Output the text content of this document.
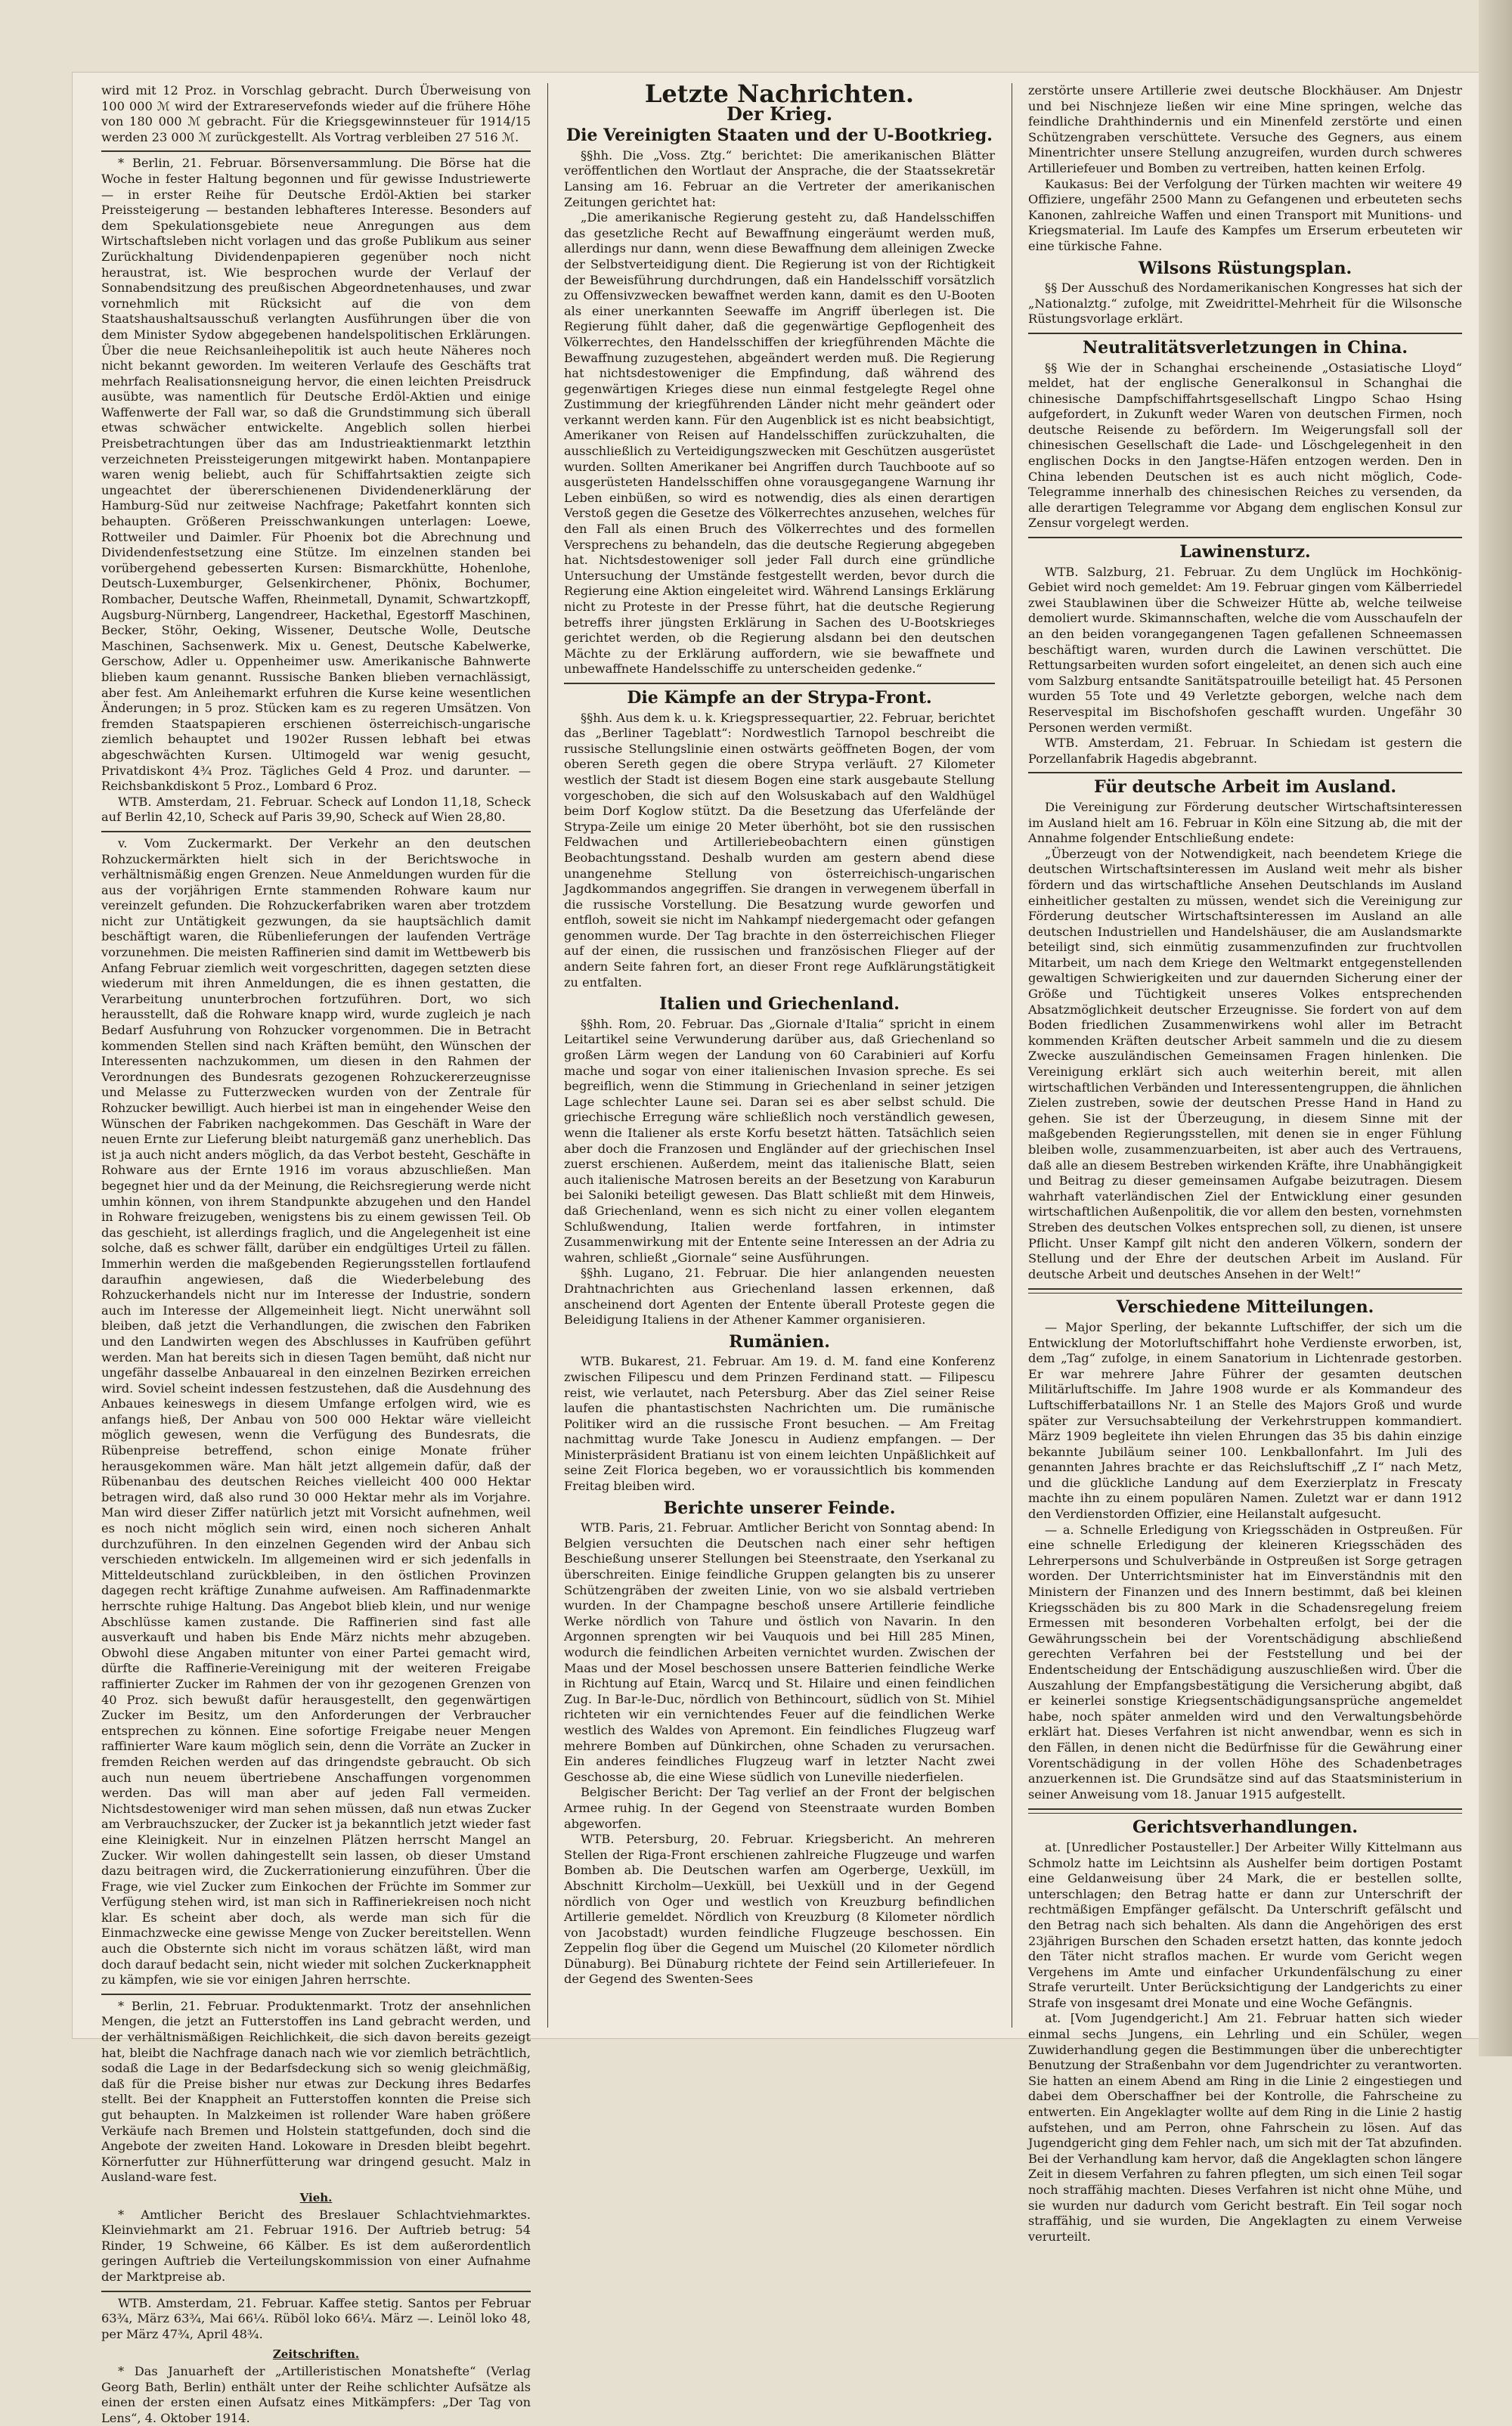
wird mit 12 Proz. in Vorschlag gebracht. Durch Überweisung von 100 000 ℳ wird der Extrareservefonds wieder auf die frühere Höhe von 180 000 ℳ gebracht. Für die Kriegsgewinnsteuer für 1914/15 werden 23 000 ℳ zurückgestellt. Als Vortrag verbleiben 27 516 ℳ.

* Berlin, 21. Februar. Börsenversammlung. Die Börse hat die Woche in fester Haltung begonnen und für gewisse Industriewerte — in erster Reihe für Deutsche Erdöl-Aktien bei starker Preissteigerung — bestanden lebhafteres Interesse. Besonders auf dem Spekulationsgebiete neue Anregungen aus dem Wirtschaftsleben nicht vorlagen und das große Publikum aus seiner Zurückhaltung Dividendenpapieren gegenüber noch nicht heraustrat, ist. Wie besprochen wurde der Verlauf der Sonnabendsitzung des preußischen Abgeordnetenhauses, und zwar vornehmlich mit Rücksicht auf die von dem Staatshaushaltsausschuß verlangten Ausführungen über die von dem Minister Sydow abgegebenen handelspolitischen Erklärungen. Über die neue Reichsanleihepolitik ist auch heute Näheres noch nicht bekannt geworden. Im weiteren Verlaufe des Geschäfts trat mehrfach Realisationsneigung hervor, die einen leichten Preisdruck ausübte, was namentlich für Deutsche Erdöl-Aktien und einige Waffenwerte der Fall war, so daß die Grundstimmung sich überall etwas schwächer entwickelte. Angeblich sollen hierbei Preisbetrachtungen über das am Industrieaktienmarkt letzthin verzeichneten Preissteigerungen mitgewirkt haben. Montanpapiere waren wenig beliebt, auch für Schiffahrtsaktien zeigte sich ungeachtet der übererschienenen Dividendenerklärung der Hamburg-Süd nur zeitweise Nachfrage; Paketfahrt konnten sich behaupten. Größeren Preisschwankungen unterlagen: Loewe, Rottweiler und Daimler. Für Phoenix bot die Abrechnung und Dividendenfestsetzung eine Stütze. Im einzelnen standen bei vorübergehend gebesserten Kursen: Bismarckhütte, Hohenlohe, Deutsch-Luxemburger, Gelsenkirchener, Phönix, Bochumer, Rombacher, Deutsche Waffen, Rheinmetall, Dynamit, Schwartzkopff, Augsburg-Nürnberg, Langendreer, Hackethal, Egestorff Maschinen, Becker, Stöhr, Oeking, Wissener, Deutsche Wolle, Deutsche Maschinen, Sachsenwerk. Mix u. Genest, Deutsche Kabelwerke, Gerschow, Adler u. Oppenheimer usw. Amerikanische Bahnwerte blieben kaum genannt. Russische Banken blieben vernachlässigt, aber fest. Am Anleihemarkt erfuhren die Kurse keine wesentlichen Änderungen; in 5 proz. Stücken kam es zu regeren Umsätzen. Von fremden Staatspapieren erschienen österreichisch-ungarische ziemlich behauptet und 1902er Russen lebhaft bei etwas abgeschwächten Kursen. Ultimogeld war wenig gesucht, Privatdiskont 4¾ Proz. Tägliches Geld 4 Proz. und darunter. — Reichsbankdiskont 5 Proz., Lombard 6 Proz.

WTB. Amsterdam, 21. Februar. Scheck auf London 11,18, Scheck auf Berlin 42,10, Scheck auf Paris 39,90, Scheck auf Wien 28,80.

v. Vom Zuckermarkt. Der Verkehr an den deutschen Rohzuckermärkten hielt sich in der Berichtswoche in verhältnismäßig engen Grenzen. Neue Anmeldungen wurden für die aus der vorjährigen Ernte stammenden Rohware kaum nur vereinzelt gefunden. Die Rohzuckerfabriken waren aber trotzdem nicht zur Untätigkeit gezwungen, da sie hauptsächlich damit beschäftigt waren, die Rübenlieferungen der laufenden Verträge vorzunehmen. Die meisten Raffinerien sind damit im Wettbewerb bis Anfang Februar ziemlich weit vorgeschritten, dagegen setzten diese wiederum mit ihren Anmeldungen, die es ihnen gestatten, die Verarbeitung ununterbrochen fortzuführen. Dort, wo sich herausstellt, daß die Rohware knapp wird, wurde zugleich je nach Bedarf Ausfuhrung von Rohzucker vorgenommen. Die in Betracht kommenden Stellen sind nach Kräften bemüht, den Wünschen der Interessenten nachzukommen, um diesen in den Rahmen der Verordnungen des Bundesrats gezogenen Rohzuckererzeugnisse und Melasse zu Futterzwecken wurden von der Zentrale für Rohzucker bewilligt. Auch hierbei ist man in eingehender Weise den Wünschen der Fabriken nachgekommen. Das Geschäft in Ware der neuen Ernte zur Lieferung bleibt naturgemäß ganz unerheblich. Das ist ja auch nicht anders möglich, da das Verbot besteht, Geschäfte in Rohware aus der Ernte 1916 im voraus abzuschließen. Man begegnet hier und da der Meinung, die Reichsregierung werde nicht umhin können, von ihrem Standpunkte abzugehen und den Handel in Rohware freizugeben, wenigstens bis zu einem gewissen Teil. Ob das geschieht, ist allerdings fraglich, und die Angelegenheit ist eine solche, daß es schwer fällt, darüber ein endgültiges Urteil zu fällen. Immerhin werden die maßgebenden Regierungsstellen fortlaufend daraufhin angewiesen, daß die Wiederbelebung des Rohzuckerhandels nicht nur im Interesse der Industrie, sondern auch im Interesse der Allgemeinheit liegt. Nicht unerwähnt soll bleiben, daß jetzt die Verhandlungen, die zwischen den Fabriken und den Landwirten wegen des Abschlusses in Kaufrüben geführt werden. Man hat bereits sich in diesen Tagen bemüht, daß nicht nur ungefähr dasselbe Anbauareal in den einzelnen Bezirken erreichen wird. Soviel scheint indessen festzustehen, daß die Ausdehnung des Anbaues keineswegs in diesem Umfange erfolgen wird, wie es anfangs hieß, Der Anbau von 500 000 Hektar wäre vielleicht möglich gewesen, wenn die Verfügung des Bundesrats, die Rübenpreise betreffend, schon einige Monate früher herausgekommen wäre. Man hält jetzt allgemein dafür, daß der Rübenanbau des deutschen Reiches vielleicht 400 000 Hektar betragen wird, daß also rund 30 000 Hektar mehr als im Vorjahre. Man wird dieser Ziffer natürlich jetzt mit Vorsicht aufnehmen, weil es noch nicht möglich sein wird, einen noch sicheren Anhalt durchzuführen. In den einzelnen Gegenden wird der Anbau sich verschieden entwickeln. Im allgemeinen wird er sich jedenfalls in Mitteldeutschland zurückbleiben, in den östlichen Provinzen dagegen recht kräftige Zunahme aufweisen. Am Raffinadenmarkte herrschte ruhige Haltung. Das Angebot blieb klein, und nur wenige Abschlüsse kamen zustande. Die Raffinerien sind fast alle ausverkauft und haben bis Ende März nichts mehr abzugeben. Obwohl diese Angaben mitunter von einer Partei gemacht wird, dürfte die Raffinerie-Vereinigung mit der weiteren Freigabe raffinierter Zucker im Rahmen der von ihr gezogenen Grenzen von 40 Proz. sich bewußt dafür herausgestellt, den gegenwärtigen Zucker im Besitz, um den Anforderungen der Verbraucher entsprechen zu können. Eine sofortige Freigabe neuer Mengen raffinierter Ware kaum möglich sein, denn die Vorräte an Zucker in fremden Reichen werden auf das dringendste gebraucht. Ob sich auch nun neuem übertriebene Anschaffungen vorgenommen werden. Das will man aber auf jeden Fall vermeiden. Nichtsdestoweniger wird man sehen müssen, daß nun etwas Zucker am Verbrauchszucker, der Zucker ist ja bekanntlich jetzt wieder fast eine Kleinigkeit. Nur in einzelnen Plätzen herrscht Mangel an Zucker. Wir wollen dahingestellt sein lassen, ob dieser Umstand dazu beitragen wird, die Zuckerrationierung einzuführen. Über die Frage, wie viel Zucker zum Einkochen der Früchte im Sommer zur Verfügung stehen wird, ist man sich in Raffineriekreisen noch nicht klar. Es scheint aber doch, als werde man sich für die Einmachzwecke eine gewisse Menge von Zucker bereitstellen. Wenn auch die Obsternte sich nicht im voraus schätzen läßt, wird man doch darauf bedacht sein, nicht wieder mit solchen Zuckerknappheit zu kämpfen, wie sie vor einigen Jahren herrschte.

* Berlin, 21. Februar. Produktenmarkt. Trotz der ansehnlichen Mengen, die jetzt an Futterstoffen ins Land gebracht werden, und der verhältnismäßigen Reichlichkeit, die sich davon bereits gezeigt hat, bleibt die Nachfrage danach nach wie vor ziemlich beträchtlich, sodaß die Lage in der Bedarfsdeckung sich so wenig gleichmäßig, daß für die Preise bisher nur etwas zur Deckung ihres Bedarfes stellt. Bei der Knappheit an Futterstoffen konnten die Preise sich gut behaupten. In Malzkeimen ist rollender Ware haben größere Verkäufe nach Bremen und Holstein stattgefunden, doch sind die Angebote der zweiten Hand. Lokoware in Dresden bleibt begehrt. Körnerfutter zur Hühnerfütterung war dringend gesucht. Malz in Ausland-ware fest.

Vieh.

* Amtlicher Bericht des Breslauer Schlachtviehmarktes. Kleinviehmarkt am 21. Februar 1916. Der Auftrieb betrug: 54 Rinder, 19 Schweine, 66 Kälber. Es ist dem außerordentlich geringen Auftrieb die Verteilungskommission von einer Aufnahme der Marktpreise ab.

WTB. Amsterdam, 21. Februar. Kaffee stetig. Santos per Februar 63¾, März 63¾, Mai 66¼. Rüböl loko 66¼. März —. Leinöl loko 48, per März 47¾, April 48¾.

Zeitschriften.

* Das Januarheft der „Artilleristischen Monatshefte“ (Verlag Georg Bath, Berlin) enthält unter der Reihe schlichter Aufsätze als einen der ersten einen Aufsatz eines Mitkämpfers: „Der Tag von Lens“, 4. Oktober 1914.

Letzte Nachrichten.
Der Krieg.
Die Vereinigten Staaten und der U-Bootkrieg.

§§hh. Die „Voss. Ztg.“ berichtet: Die amerikanischen Blätter veröffentlichen den Wortlaut der Ansprache, die der Staatssekretär Lansing am 16. Februar an die Vertreter der amerikanischen Zeitungen gerichtet hat:

„Die amerikanische Regierung gesteht zu, daß Handelsschiffen das gesetzliche Recht auf Bewaffnung eingeräumt werden muß, allerdings nur dann, wenn diese Bewaffnung dem alleinigen Zwecke der Selbstverteidigung dient. Die Regierung ist von der Richtigkeit der Beweisführung durchdrungen, daß ein Handelsschiff vorsätzlich zu Offensivzwecken bewaffnet werden kann, damit es den U-Booten als einer unerkannten Seewaffe im Angriff überlegen ist. Die Regierung fühlt daher, daß die gegenwärtige Gepflogenheit des Völkerrechtes, den Handelsschiffen der kriegführenden Mächte die Bewaffnung zuzugestehen, abgeändert werden muß. Die Regierung hat nichtsdestoweniger die Empfindung, daß während des gegenwärtigen Krieges diese nun einmal festgelegte Regel ohne Zustimmung der kriegführenden Länder nicht mehr geändert oder verkannt werden kann. Für den Augenblick ist es nicht beabsichtigt, Amerikaner von Reisen auf Handelsschiffen zurückzuhalten, die ausschließlich zu Verteidigungszwecken mit Geschützen ausgerüstet wurden. Sollten Amerikaner bei Angriffen durch Tauchboote auf so ausgerüsteten Handelsschiffen ohne vorausgegangene Warnung ihr Leben einbüßen, so wird es notwendig, dies als einen derartigen Verstoß gegen die Gesetze des Völkerrechtes anzusehen, welches für den Fall als einen Bruch des Völkerrechtes und des formellen Versprechens zu behandeln, das die deutsche Regierung abgegeben hat. Nichtsdestoweniger soll jeder Fall durch eine gründliche Untersuchung der Umstände festgestellt werden, bevor durch die Regierung eine Aktion eingeleitet wird. Während Lansings Erklärung nicht zu Proteste in der Presse führt, hat die deutsche Regierung betreffs ihrer jüngsten Erklärung in Sachen des U-Bootskrieges gerichtet werden, ob die Regierung alsdann bei den deutschen Mächte zu der Erklärung auffordern, wie sie bewaffnete und unbewaffnete Handelsschiffe zu unterscheiden gedenke.“

Die Kämpfe an der Strypa-Front.

§§hh. Aus dem k. u. k. Kriegspressequartier, 22. Februar, berichtet das „Berliner Tageblatt“: Nordwestlich Tarnopol beschreibt die russische Stellungslinie einen ostwärts geöffneten Bogen, der vom oberen Sereth gegen die obere Strypa verläuft. 27 Kilometer westlich der Stadt ist diesem Bogen eine stark ausgebaute Stellung vorgeschoben, die sich auf den Wolsuskabach auf den Waldhügel beim Dorf Koglow stützt. Da die Besetzung das Uferfelände der Strypa-Zeile um einige 20 Meter überhöht, bot sie den russischen Feldwachen und Artilleriebeobachtern einen günstigen Beobachtungsstand. Deshalb wurden am gestern abend diese unangenehme Stellung von österreichisch-ungarischen Jagdkommandos angegriffen. Sie drangen in verwegenem überfall in die russische Vorstellung. Die Besatzung wurde geworfen und entfloh, soweit sie nicht im Nahkampf niedergemacht oder gefangen genommen wurde. Der Tag brachte in den österreichischen Flieger auf der einen, die russischen und französischen Flieger auf der andern Seite fahren fort, an dieser Front rege Aufklärungstätigkeit zu entfalten.

Italien und Griechenland.

§§hh. Rom, 20. Februar. Das „Giornale d'Italia“ spricht in einem Leitartikel seine Verwunderung darüber aus, daß Griechenland so großen Lärm wegen der Landung von 60 Carabinieri auf Korfu mache und sogar von einer italienischen Invasion spreche. Es sei begreiflich, wenn die Stimmung in Griechenland in seiner jetzigen Lage schlechter Laune sei. Daran sei es aber selbst schuld. Die griechische Erregung wäre schließlich noch verständlich gewesen, wenn die Italiener als erste Korfu besetzt hätten. Tatsächlich seien aber doch die Franzosen und Engländer auf der griechischen Insel zuerst erschienen. Außerdem, meint das italienische Blatt, seien auch italienische Matrosen bereits an der Besetzung von Karaburun bei Saloniki beteiligt gewesen. Das Blatt schließt mit dem Hinweis, daß Griechenland, wenn es sich nicht zu einer vollen elegantem Schlußwendung, Italien werde fortfahren, in intimster Zusammenwirkung mit der Entente seine Interessen an der Adria zu wahren, schließt „Giornale“ seine Ausführungen.

§§hh. Lugano, 21. Februar. Die hier anlangenden neuesten Drahtnachrichten aus Griechenland lassen erkennen, daß anscheinend dort Agenten der Entente überall Proteste gegen die Beleidigung Italiens in der Athener Kammer organisieren.

Rumänien.

WTB. Bukarest, 21. Februar. Am 19. d. M. fand eine Konferenz zwischen Filipescu und dem Prinzen Ferdinand statt. — Filipescu reist, wie verlautet, nach Petersburg. Aber das Ziel seiner Reise laufen die phantastischsten Nachrichten um. Die rumänische Politiker wird an die russische Front besuchen. — Am Freitag nachmittag wurde Take Jonescu in Audienz empfangen. — Der Ministerpräsident Bratianu ist von einem leichten Unpäßlichkeit auf seine Zeit Florica begeben, wo er voraussichtlich bis kommenden Freitag bleiben wird.

Berichte unserer Feinde.

WTB. Paris, 21. Februar. Amtlicher Bericht von Sonntag abend: In Belgien versuchten die Deutschen nach einer sehr heftigen Beschießung unserer Stellungen bei Steenstraate, den Yserkanal zu überschreiten. Einige feindliche Gruppen gelangten bis zu unserer Schützengräben der zweiten Linie, von wo sie alsbald vertrieben wurden. In der Champagne beschoß unsere Artillerie feindliche Werke nördlich von Tahure und östlich von Navarin. In den Argonnen sprengten wir bei Vauquois und bei Hill 285 Minen, wodurch die feindlichen Arbeiten vernichtet wurden. Zwischen der Maas und der Mosel beschossen unsere Batterien feindliche Werke in Richtung auf Etain, Warcq und St. Hilaire und einen feindlichen Zug. In Bar-le-Duc, nördlich von Bethincourt, südlich von St. Mihiel richteten wir ein vernichtendes Feuer auf die feindlichen Werke westlich des Waldes von Apremont. Ein feindliches Flugzeug warf mehrere Bomben auf Dünkirchen, ohne Schaden zu verursachen. Ein anderes feindliches Flugzeug warf in letzter Nacht zwei Geschosse ab, die eine Wiese südlich von Luneville niederfielen.

Belgischer Bericht: Der Tag verlief an der Front der belgischen Armee ruhig. In der Gegend von Steenstraate wurden Bomben abgeworfen.

WTB. Petersburg, 20. Februar. Kriegsbericht. An mehreren Stellen der Riga-Front erschienen zahlreiche Flugzeuge und warfen Bomben ab. Die Deutschen warfen am Ogerberge, Uexküll, im Abschnitt Kircholm—Uexküll, bei Uexküll und in der Gegend nördlich von Oger und westlich von Kreuzburg befindlichen Artillerie gemeldet. Nördlich von Kreuzburg (8 Kilometer nördlich von Jacobstadt) wurden feindliche Flugzeuge beschossen. Ein Zeppelin flog über die Gegend um Muischel (20 Kilometer nördlich Dünaburg). Bei Dünaburg richtete der Feind sein Artilleriefeuer. In der Gegend des Swenten-Sees

zerstörte unsere Artillerie zwei deutsche Blockhäuser. Am Dnjestr und bei Nischnjeze ließen wir eine Mine springen, welche das feindliche Drahthindernis und ein Minenfeld zerstörte und einen Schützengraben verschüttete. Versuche des Gegners, aus einem Minentrichter unsere Stellung anzugreifen, wurden durch schweres Artilleriefeuer und Bomben zu vertreiben, hatten keinen Erfolg.

Kaukasus: Bei der Verfolgung der Türken machten wir weitere 49 Offiziere, ungefähr 2500 Mann zu Gefangenen und erbeuteten sechs Kanonen, zahlreiche Waffen und einen Transport mit Munitions- und Kriegsmaterial. Im Laufe des Kampfes um Erserum erbeuteten wir eine türkische Fahne.

Wilsons Rüstungsplan.

§§ Der Ausschuß des Nordamerikanischen Kongresses hat sich der „Nationalztg.“ zufolge, mit Zweidrittel-Mehrheit für die Wilsonsche Rüstungsvorlage erklärt.

Neutralitätsverletzungen in China.

§§ Wie der in Schanghai erscheinende „Ostasiatische Lloyd“ meldet, hat der englische Generalkonsul in Schanghai die chinesische Dampfschiffahrtsgesellschaft Lingpo Schao Hsing aufgefordert, in Zukunft weder Waren von deutschen Firmen, noch deutsche Reisende zu befördern. Im Weigerungsfall soll der chinesischen Gesellschaft die Lade- und Löschgelegenheit in den englischen Docks in den Jangtse-Häfen entzogen werden. Den in China lebenden Deutschen ist es auch nicht möglich, Code-Telegramme innerhalb des chinesischen Reiches zu versenden, da alle derartigen Telegramme vor Abgang dem englischen Konsul zur Zensur vorgelegt werden.

Lawinensturz.

WTB. Salzburg, 21. Februar. Zu dem Unglück im Hochkönig-Gebiet wird noch gemeldet: Am 19. Februar gingen vom Kälberriedel zwei Staublawinen über die Schweizer Hütte ab, welche teilweise demoliert wurde. Skimannschaften, welche die vom Ausschaufeln der an den beiden vorangegangenen Tagen gefallenen Schneemassen beschäftigt waren, wurden durch die Lawinen verschüttet. Die Rettungsarbeiten wurden sofort eingeleitet, an denen sich auch eine vom Salzburg entsandte Sanitätspatrouille beteiligt hat. 45 Personen wurden 55 Tote und 49 Verletzte geborgen, welche nach dem Reservespital im Bischofshofen geschafft wurden. Ungefähr 30 Personen werden vermißt.

WTB. Amsterdam, 21. Februar. In Schiedam ist gestern die Porzellanfabrik Hagedis abgebrannt.

Für deutsche Arbeit im Ausland.

Die Vereinigung zur Förderung deutscher Wirtschaftsinteressen im Ausland hielt am 16. Februar in Köln eine Sitzung ab, die mit der Annahme folgender Entschließung endete:

„Überzeugt von der Notwendigkeit, nach beendetem Kriege die deutschen Wirtschaftsinteressen im Ausland weit mehr als bisher fördern und das wirtschaftliche Ansehen Deutschlands im Ausland einheitlicher gestalten zu müssen, wendet sich die Vereinigung zur Förderung deutscher Wirtschaftsinteressen im Ausland an alle deutschen Industriellen und Handelshäuser, die am Auslandsmarkte beteiligt sind, sich einmütig zusammenzufinden zur fruchtvollen Mitarbeit, um nach dem Kriege den Weltmarkt entgegenstellenden gewaltigen Schwierigkeiten und zur dauernden Sicherung einer der Größe und Tüchtigkeit unseres Volkes entsprechenden Absatzmöglichkeit deutscher Erzeugnisse. Sie fordert von auf dem Boden friedlichen Zusammenwirkens wohl aller im Betracht kommenden Kräften deutscher Arbeit sammeln und die zu diesem Zwecke auszuländischen Gemeinsamen Fragen hinlenken. Die Vereinigung erklärt sich auch weiterhin bereit, mit allen wirtschaftlichen Verbänden und Interessentengruppen, die ähnlichen Zielen zustreben, sowie der deutschen Presse Hand in Hand zu gehen. Sie ist der Überzeugung, in diesem Sinne mit der maßgebenden Regierungsstellen, mit denen sie in enger Fühlung bleiben wolle, zusammenzuarbeiten, ist aber auch des Vertrauens, daß alle an diesem Bestreben wirkenden Kräfte, ihre Unabhängigkeit und Beitrag zu dieser gemeinsamen Aufgabe beizutragen. Diesem wahrhaft vaterländischen Ziel der Entwicklung einer gesunden wirtschaftlichen Außenpolitik, die vor allem den besten, vornehmsten Streben des deutschen Volkes entsprechen soll, zu dienen, ist unsere Pflicht. Unser Kampf gilt nicht den anderen Völkern, sondern der Stellung und der Ehre der deutschen Arbeit im Ausland. Für deutsche Arbeit und deutsches Ansehen in der Welt!“

Verschiedene Mitteilungen.

— Major Sperling, der bekannte Luftschiffer, der sich um die Entwicklung der Motorluftschiffahrt hohe Verdienste erworben, ist, dem „Tag“ zufolge, in einem Sanatorium in Lichtenrade gestorben. Er war mehrere Jahre Führer der gesamten deutschen Militärluftschiffe. Im Jahre 1908 wurde er als Kommandeur des Luftschifferbataillons Nr. 1 an Stelle des Majors Groß und wurde später zur Versuchsabteilung der Verkehrstruppen kommandiert. März 1909 begleitete ihn vielen Ehrungen das 35 bis dahin einzige bekannte Jubiläum seiner 100. Lenkballonfahrt. Im Juli des genannten Jahres brachte er das Reichsluftschiff „Z I“ nach Metz, und die glückliche Landung auf dem Exerzierplatz in Frescaty machte ihn zu einem populären Namen. Zuletzt war er dann 1912 den Verdienstorden Offizier, eine Heilanstalt aufgesucht.

— a. Schnelle Erledigung von Kriegsschäden in Ostpreußen. Für eine schnelle Erledigung der kleineren Kriegsschäden des Lehrerpersons und Schulverbände in Ostpreußen ist Sorge getragen worden. Der Unterrichtsminister hat im Einverständnis mit den Ministern der Finanzen und des Innern bestimmt, daß bei kleinen Kriegsschäden bis zu 800 Mark in die Schadensregelung freiem Ermessen mit besonderen Vorbehalten erfolgt, bei der die Gewährungsschein bei der Vorentschädigung abschließend gerechten Verfahren bei der Feststellung und bei der Endentscheidung der Entschädigung auszuschließen wird. Über die Auszahlung der Empfangsbestätigung die Versicherung abgibt, daß er keinerlei sonstige Kriegsentschädigungsansprüche angemeldet habe, noch später anmelden wird und den Verwaltungsbehörde erklärt hat. Dieses Verfahren ist nicht anwendbar, wenn es sich in den Fällen, in denen nicht die Bedürfnisse für die Gewährung einer Vorentschädigung in der vollen Höhe des Schadenbetrages anzuerkennen ist. Die Grundsätze sind auf das Staatsministerium in seiner Anweisung vom 18. Januar 1915 aufgestellt.

Gerichtsverhandlungen.

at. [Unredlicher Postausteller.] Der Arbeiter Willy Kittelmann aus Schmolz hatte im Leichtsinn als Aushelfer beim dortigen Postamt eine Geldanweisung über 24 Mark, die er bestellen sollte, unterschlagen; den Betrag hatte er dann zur Unterschrift der rechtmäßigen Empfänger gefälscht. Da Unterschrift gefälscht und den Betrag nach sich behalten. Als dann die Angehörigen des erst 23jährigen Burschen den Schaden ersetzt hatten, das konnte jedoch den Täter nicht straflos machen. Er wurde vom Gericht wegen Vergehens im Amte und einfacher Urkundenfälschung zu einer Strafe verurteilt. Unter Berücksichtigung der Landgerichts zu einer Strafe von insgesamt drei Monate und eine Woche Gefängnis.

at. [Vom Jugendgericht.] Am 21. Februar hatten sich wieder einmal sechs Jungens, ein Lehrling und ein Schüler, wegen Zuwiderhandlung gegen die Bestimmungen über die unberechtigter Benutzung der Straßenbahn vor dem Jugendrichter zu verantworten. Sie hatten an einem Abend am Ring in die Linie 2 eingestiegen und dabei dem Oberschaffner bei der Kontrolle, die Fahrscheine zu entwerten. Ein Angeklagter wollte auf dem Ring in die Linie 2 hastig aufstehen, und am Perron, ohne Fahrschein zu lösen. Auf das Jugendgericht ging dem Fehler nach, um sich mit der Tat abzufinden. Bei der Verhandlung kam hervor, daß die Angeklagten schon längere Zeit in diesem Verfahren zu fahren pflegten, um sich einen Teil sogar noch straffähig machten. Dieses Verfahren ist nicht ohne Mühe, und sie wurden nur dadurch vom Gericht bestraft. Ein Teil sogar noch straffähig, und sie wurden, Die Angeklagten zu einem Verweise verurteilt.
